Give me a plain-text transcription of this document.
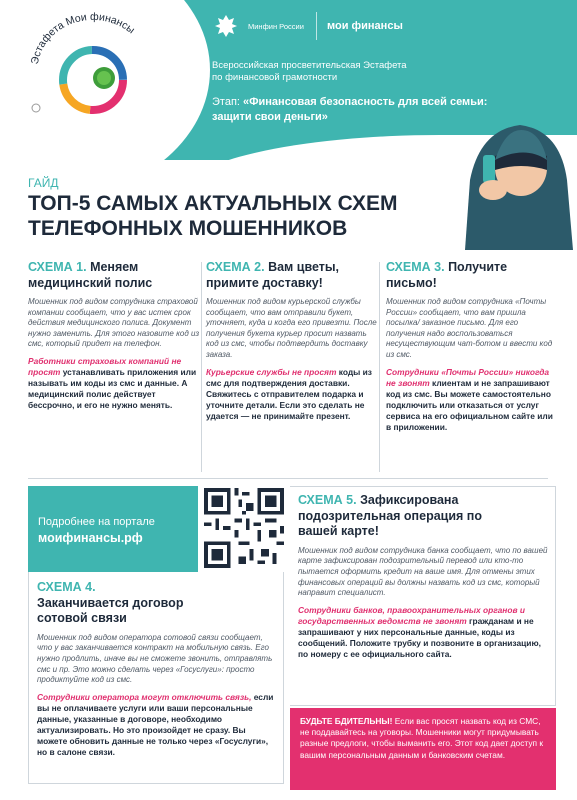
Эстафета Мои финансы	Минфин России	мои финансы
Всероссийская просветительская Эстафета
по финансовой грамотности
Этап: «Финансовая безопасность для всей семьи: защити свои деньги»
ГАЙД
ТОП-5 САМЫХ АКТУАЛЬНЫХ СХЕМ
ТЕЛЕФОННЫХ МОШЕННИКОВ
СХЕМА 1. Меняем медицинский полис
Мошенник под видом сотрудника страховой компании сообщает, что у вас истек срок действия медицинского полиса. Документ нужно заменить. Для этого назовите код из смс, который придет на телефон.
Работники страховых компаний не просят устанавливать приложения или называть им коды из смс и данные. А медицинский полис действует бессрочно, и его не нужно менять.
СХЕМА 2. Вам цветы, примите доставку!
Мошенник под видом курьерской службы сообщает, что вам отправили букет, уточняет, куда и когда его привезти. После получения букета курьер просит назвать код из смс, чтобы подтвердить доставку заказа.
Курьерские службы не просят коды из смс для подтверждения доставки. Свяжитесь с отправителем подарка и уточните детали. Если это сделать не удается — не принимайте презент.
СХЕМА 3. Получите письмо!
Мошенник под видом сотрудника «Почты России» сообщает, что вам пришла посылка/ заказное письмо. Для его получения надо воспользоваться несуществующим чат-ботом и ввести код из смс.
Сотрудники «Почты России» никогда не звонят клиентам и не запрашивают код из смс. Вы можете самостоятельно подключить или отказаться от услуг сервиса на его официальном сайте или в приложении.
Подробнее на портале
моифинансы.рф
СХЕМА 4.
Заканчивается договор сотовой связи
Мошенник под видом оператора сотовой связи сообщает, что у вас заканчивается контракт на мобильную связь. Его нужно продлить, иначе вы не сможете звонить, отправлять смс и пр. Это можно сделать через «Госуслуги»: просто продиктуйте код из смс.
Сотрудники оператора могут отключить связь, если вы не оплачиваете услуги или ваши персональные данные, указанные в договоре, необходимо актуализировать. Но это произойдет не сразу. Вы можете обновить данные не только через «Госуслуги», но в салоне связи.
СХЕМА 5. Зафиксирована подозрительная операция по вашей карте!
Мошенник под видом сотрудника банка сообщает, что по вашей карте зафиксирован подозрительный перевод или кто-то пытается оформить кредит на ваше имя. Для отмены этих финансовых операций вы должны назвать код из смс, который направит специалист.
Сотрудники банков, правоохранительных органов и государственных ведомств не звонят гражданам и не запрашивают у них персональные данные, коды из сообщений. Положите трубку и позвоните в организацию, по номеру с ее официального сайта.
БУДЬТЕ БДИТЕЛЬНЫ! Если вас просят назвать код из СМС, не поддавайтесь на уговоры. Мошенники могут придумывать разные предлоги, чтобы выманить его. Этот код дает доступ к вашим персональным данным и банковским счетам.
